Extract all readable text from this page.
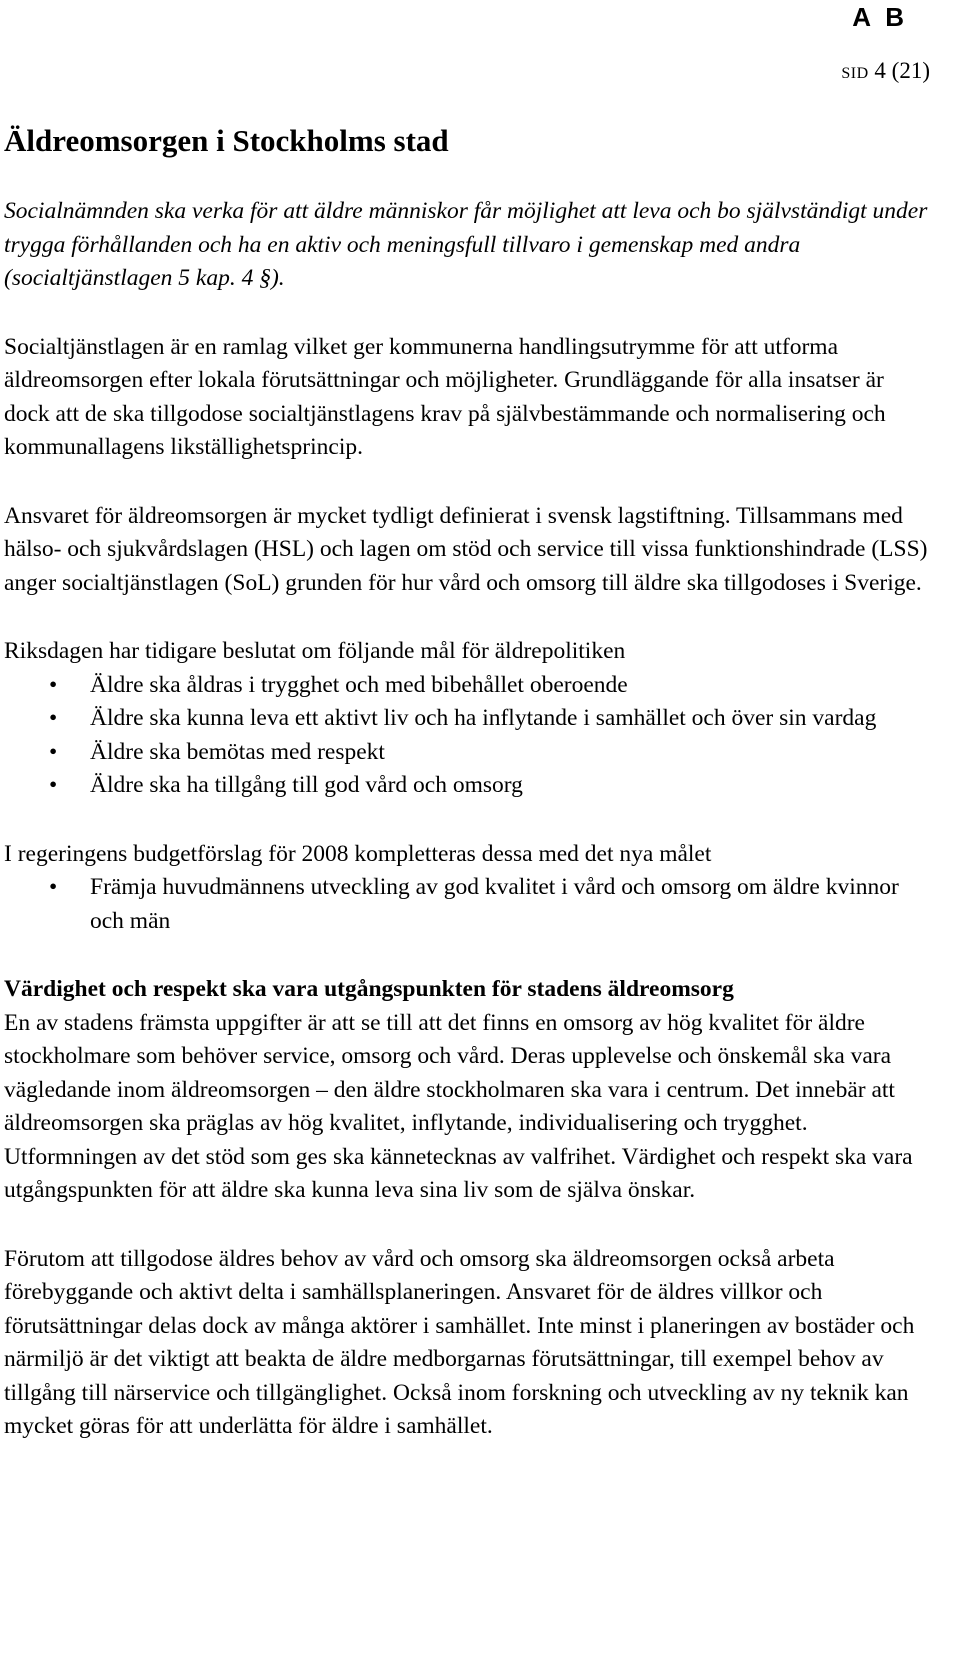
A B
SID 4 (21)
Äldreomsorgen i Stockholms stad

Socialnämnden ska verka för att äldre människor får möjlighet att leva och bo självständigt under trygga förhållanden och ha en aktiv och meningsfull tillvaro i gemenskap med andra (socialtjänstlagen 5 kap. 4 §).

Socialtjänstlagen är en ramlag vilket ger kommunerna handlingsutrymme för att utforma äldreomsorgen efter lokala förutsättningar och möjligheter. Grundläggande för alla insatser är dock att de ska tillgodose socialtjänstlagens krav på självbestämmande och normalisering och kommunallagens likställighetsprincip.

Ansvaret för äldreomsorgen är mycket tydligt definierat i svensk lagstiftning. Tillsammans med hälso- och sjukvårdslagen (HSL) och lagen om stöd och service till vissa funktionshindrade (LSS) anger socialtjänstlagen (SoL) grunden för hur vård och omsorg till äldre ska tillgodoses i Sverige.

Riksdagen har tidigare beslutat om följande mål för äldrepolitiken

• Äldre ska åldras i trygghet och med bibehållet oberoende
• Äldre ska kunna leva ett aktivt liv och ha inflytande i samhället och över sin vardag
• Äldre ska bemötas med respekt
• Äldre ska ha tillgång till god vård och omsorg

I regeringens budgetförslag för 2008 kompletteras dessa med det nya målet

• Främja huvudmännens utveckling av god kvalitet i vård och omsorg om äldre kvinnor och män

Värdighet och respekt ska vara utgångspunkten för stadens äldreomsorg

En av stadens främsta uppgifter är att se till att det finns en omsorg av hög kvalitet för äldre stockholmare som behöver service, omsorg och vård. Deras upplevelse och önskemål ska vara vägledande inom äldreomsorgen – den äldre stockholmaren ska vara i centrum. Det innebär att äldreomsorgen ska präglas av hög kvalitet, inflytande, individualisering och trygghet. Utformningen av det stöd som ges ska kännetecknas av valfrihet. Värdighet och respekt ska vara utgångspunkten för att äldre ska kunna leva sina liv som de själva önskar.

Förutom att tillgodose äldres behov av vård och omsorg ska äldreomsorgen också arbeta förebyggande och aktivt delta i samhällsplaneringen. Ansvaret för de äldres villkor och förutsättningar delas dock av många aktörer i samhället. Inte minst i planeringen av bostäder och närmiljö är det viktigt att beakta de äldre medborgarnas förutsättningar, till exempel behov av tillgång till närservice och tillgänglighet. Också inom forskning och utveckling av ny teknik kan mycket göras för att underlätta för äldre i samhället.
